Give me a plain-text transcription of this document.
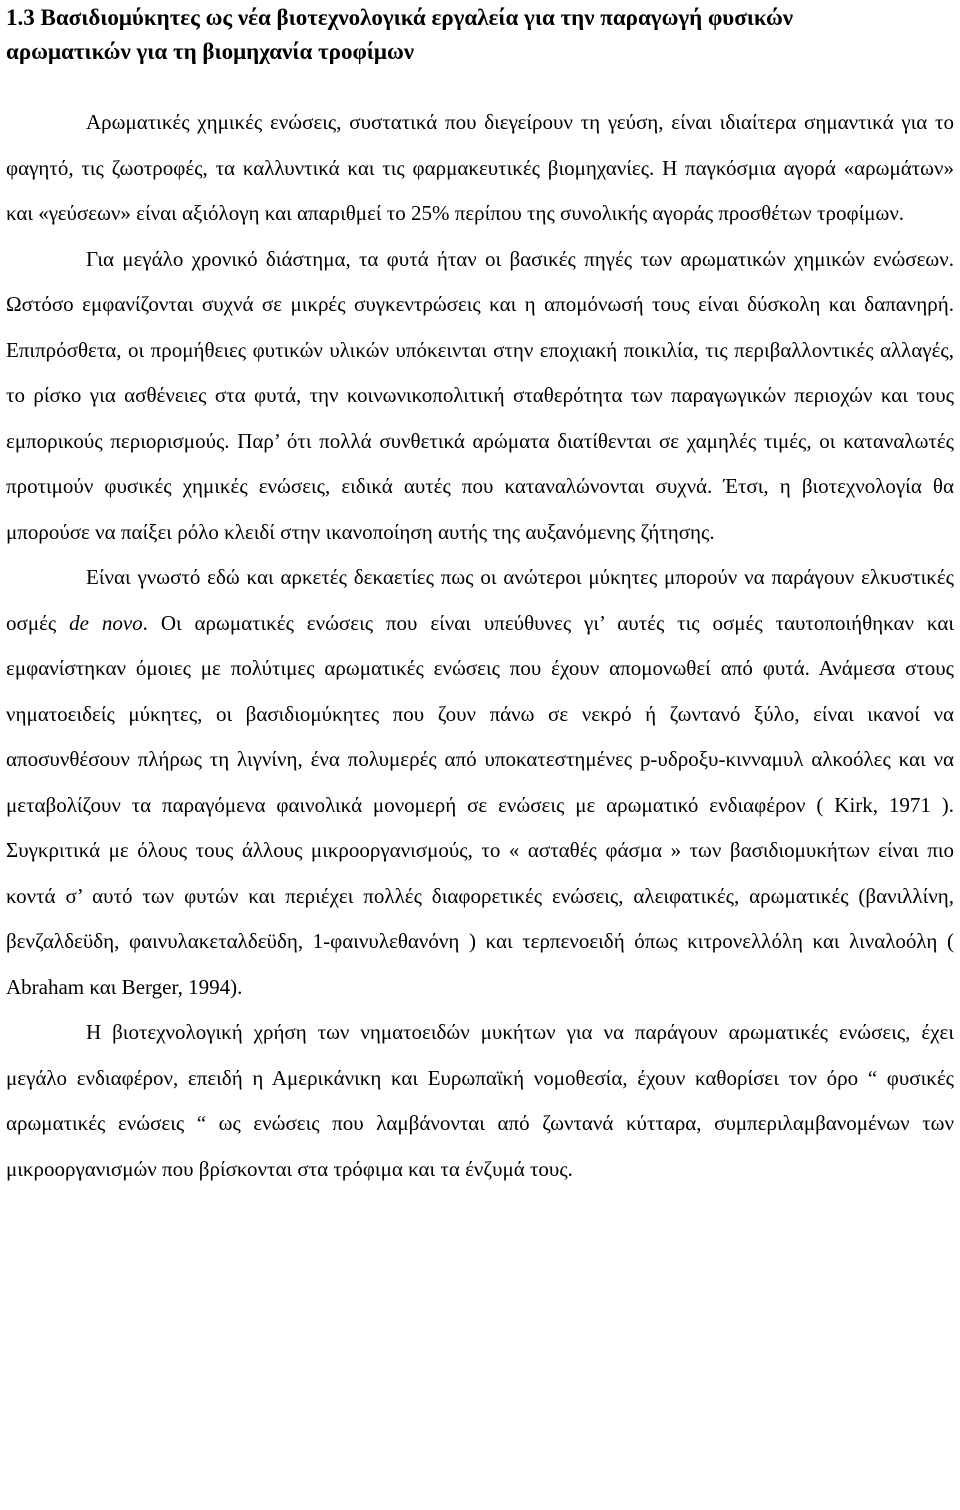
1.3 Βασιδιομύκητες ως νέα βιοτεχνολογικά εργαλεία για την παραγωγή φυσικών
αρωματικών για τη βιομηχανία τροφίμων

Αρωματικές χημικές ενώσεις, συστατικά που διεγείρουν τη γεύση, είναι ιδιαίτερα σημαντικά για το φαγητό, τις ζωοτροφές, τα καλλυντικά και τις φαρμακευτικές βιομηχανίες. Η παγκόσμια αγορά «αρωμάτων» και «γεύσεων» είναι αξιόλογη και απαριθμεί το 25% περίπου της συνολικής αγοράς προσθέτων τροφίμων.

Για μεγάλο χρονικό διάστημα, τα φυτά ήταν οι βασικές πηγές των αρωματικών χημικών ενώσεων. Ωστόσο εμφανίζονται συχνά σε μικρές συγκεντρώσεις και η απομόνωσή τους είναι δύσκολη και δαπανηρή. Επιπρόσθετα, οι προμήθειες φυτικών υλικών υπόκεινται στην εποχιακή ποικιλία, τις περιβαλλοντικές αλλαγές, το ρίσκο για ασθένειες στα φυτά, την κοινωνικοπολιτική σταθερότητα των παραγωγικών περιοχών και τους εμπορικούς περιορισμούς. Παρ’ ότι πολλά συνθετικά αρώματα διατίθενται σε χαμηλές τιμές, οι καταναλωτές προτιμούν φυσικές χημικές ενώσεις, ειδικά αυτές που καταναλώνονται συχνά. Έτσι, η βιοτεχνολογία θα μπορούσε να παίξει ρόλο κλειδί στην ικανοποίηση αυτής της αυξανόμενης ζήτησης.

Είναι γνωστό εδώ και αρκετές δεκαετίες πως οι ανώτεροι μύκητες μπορούν να παράγουν ελκυστικές οσμές de novo. Οι αρωματικές ενώσεις που είναι υπεύθυνες γι’ αυτές τις οσμές ταυτοποιήθηκαν και εμφανίστηκαν όμοιες με πολύτιμες αρωματικές ενώσεις που έχουν απομονωθεί από φυτά. Ανάμεσα στους νηματοειδείς μύκητες, οι βασιδιομύκητες που ζουν πάνω σε νεκρό ή ζωντανό ξύλο, είναι ικανοί να αποσυνθέσουν πλήρως τη λιγνίνη, ένα πολυμερές από υποκατεστημένες p-υδροξυ-κινναμυλ αλκοόλες και να μεταβολίζουν τα παραγόμενα φαινολικά μονομερή σε ενώσεις με αρωματικό ενδιαφέρον ( Kirk, 1971 ). Συγκριτικά με όλους τους άλλους μικροοργανισμούς, το « ασταθές φάσμα » των βασιδιομυκήτων είναι πιο κοντά σ’ αυτό των φυτών και περιέχει πολλές διαφορετικές ενώσεις, αλειφατικές, αρωματικές (βανιλλίνη, βενζαλδεϋδη, φαινυλακεταλδεϋδη, 1-φαινυλεθανόνη ) και τερπενοειδή όπως κιτρονελλόλη και λιναλοόλη ( Abraham και Berger, 1994).

Η βιοτεχνολογική χρήση των νηματοειδών μυκήτων για να παράγουν αρωματικές ενώσεις, έχει μεγάλο ενδιαφέρον, επειδή η Αμερικάνικη και Ευρωπαϊκή νομοθεσία, έχουν καθορίσει τον όρο “ φυσικές αρωματικές ενώσεις “ ως ενώσεις που λαμβάνονται από ζωντανά κύτταρα, συμπεριλαμβανομένων των μικροοργανισμών που βρίσκονται στα τρόφιμα και τα ένζυμά τους.
